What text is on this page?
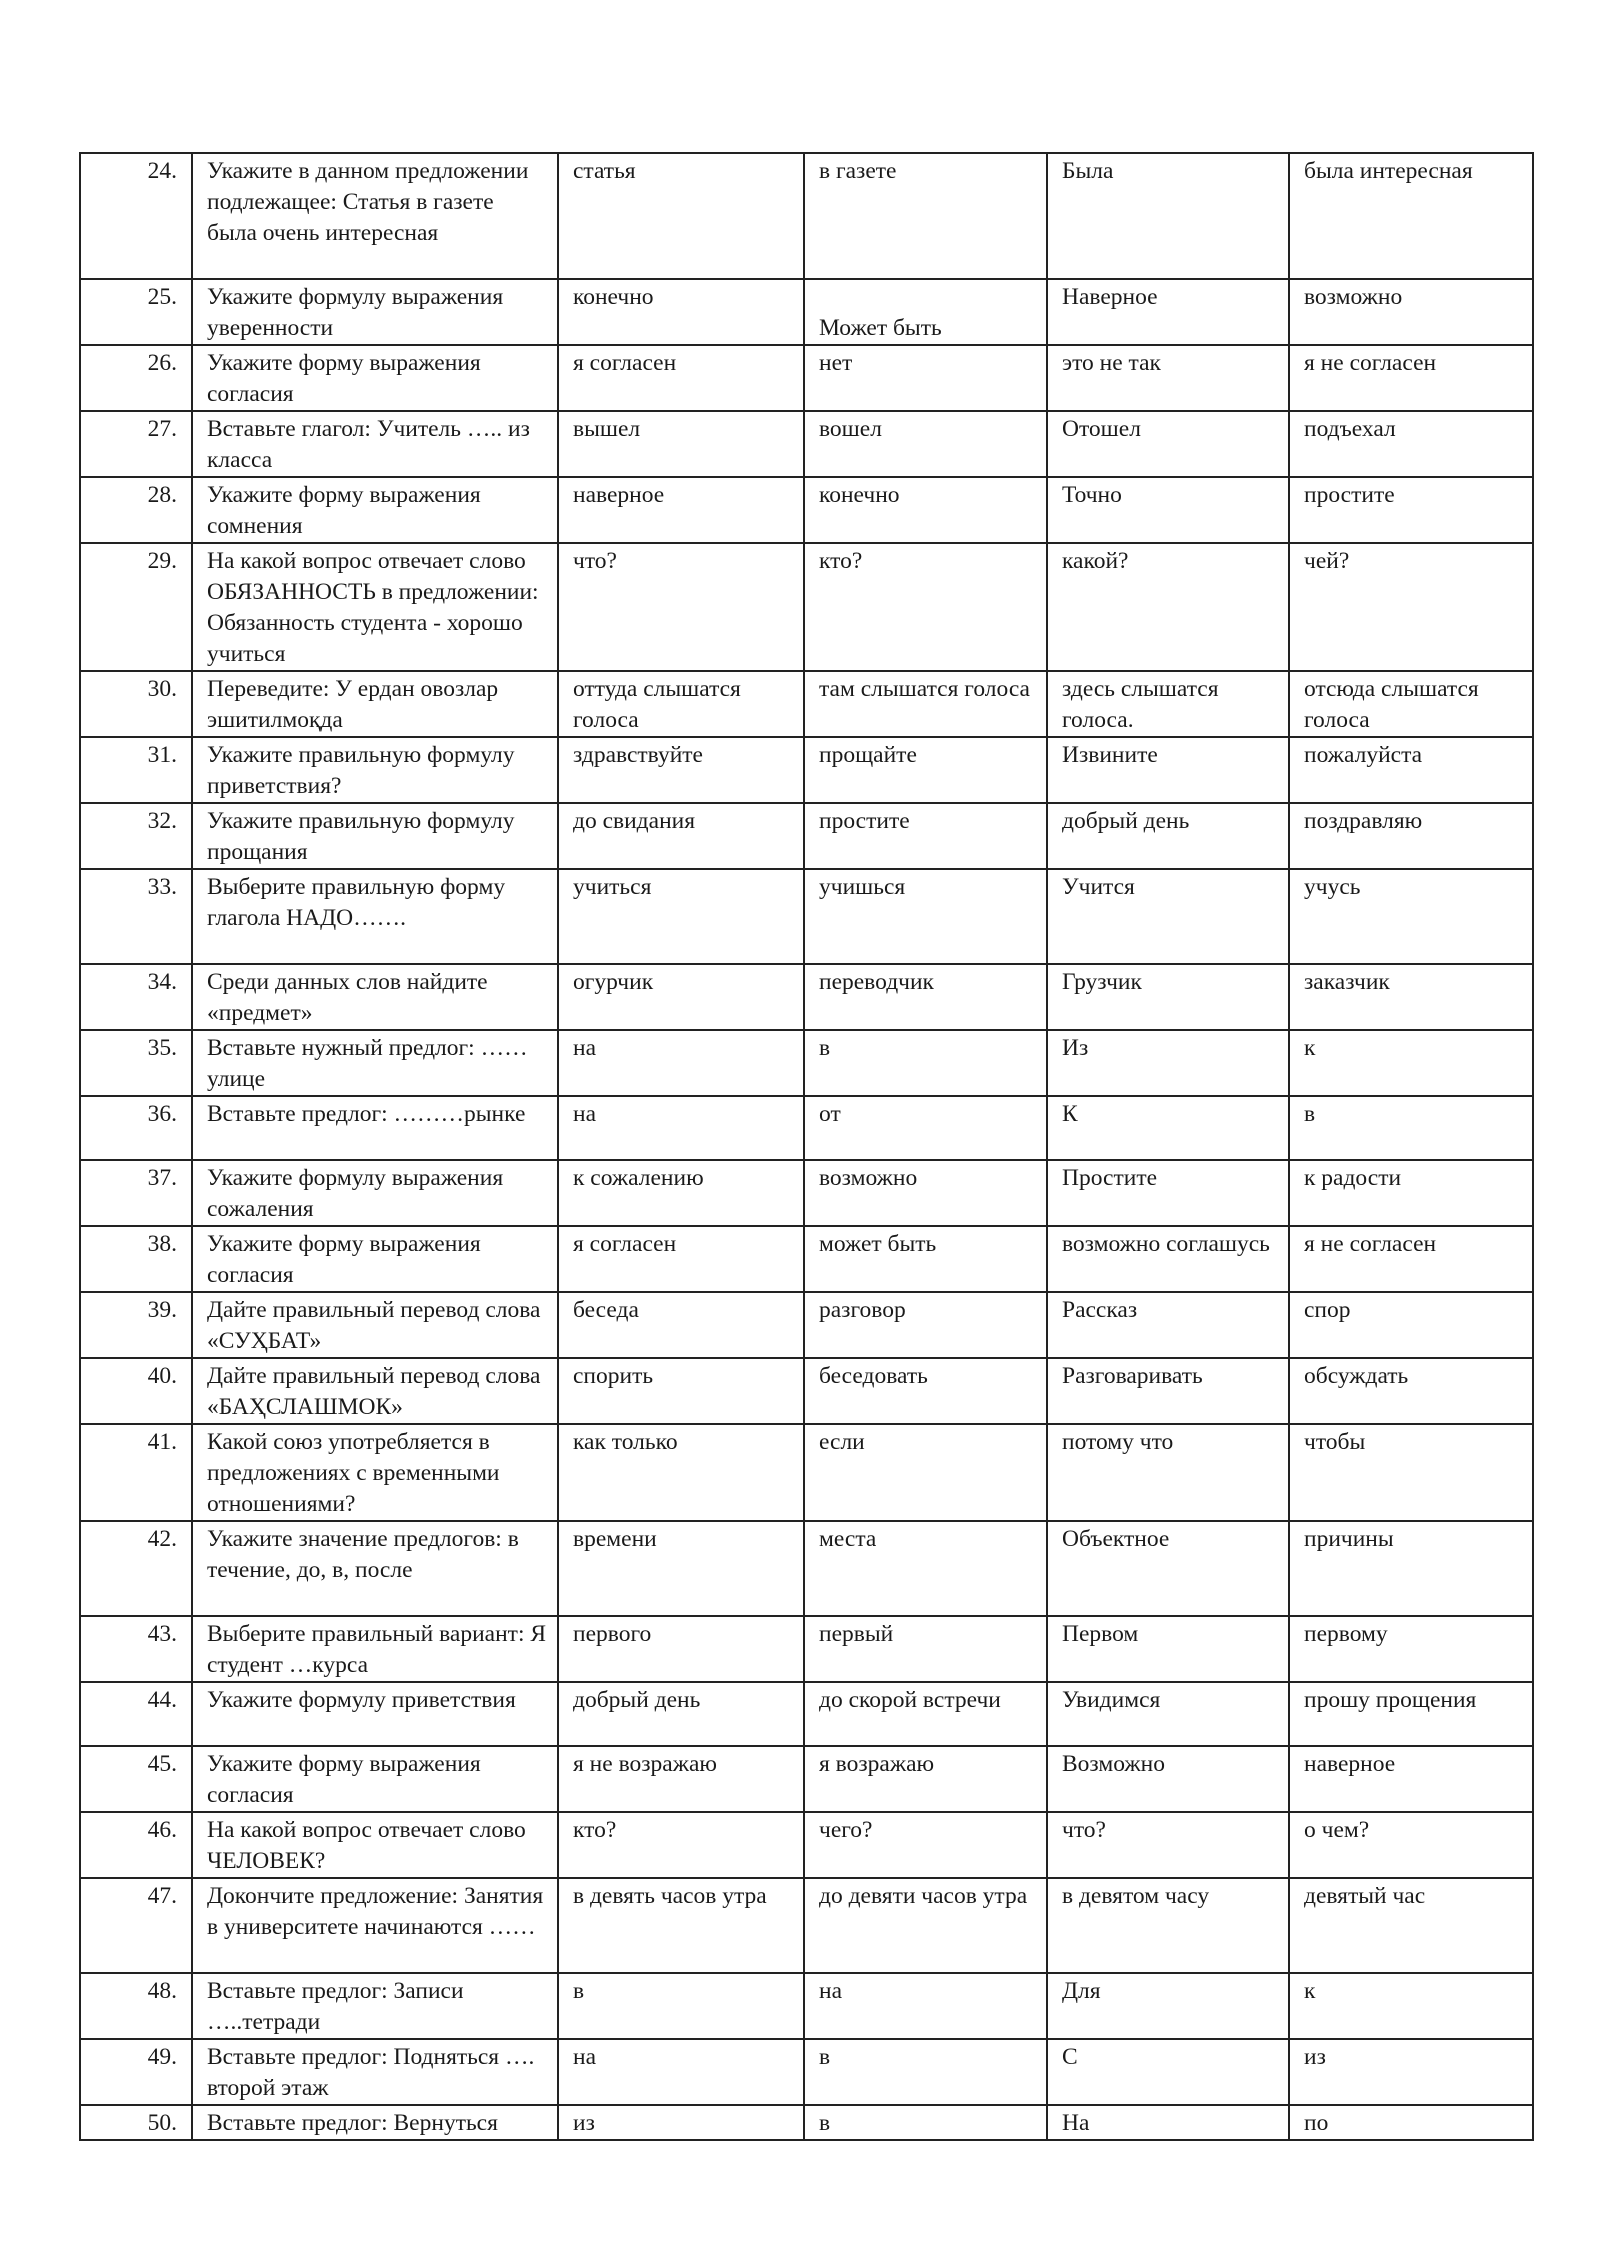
24.	Укажите в данном предложении подлежащее: Статья в газете была очень интересная	статья	в газете	Была	была интересная
25.	Укажите формулу выражения уверенности	конечно	Может быть	Наверное	возможно
26.	Укажите форму выражения согласия	я согласен	нет	это не так	я не согласен
27.	Вставьте глагол: Учитель ….. из класса	вышел	вошел	Отошел	подъехал
28.	Укажите форму выражения сомнения	наверное	конечно	Точно	простите
29.	На какой вопрос отвечает слово ОБЯЗАННОСТЬ в предложении: Обязанность студента - хорошо учиться	что?	кто?	какой?	чей?
30.	Переведите: У ердан овозлар эшитилмоқда	оттуда слышатся голоса	там слышатся голоса	здесь слышатся голоса.	отсюда слышатся голоса
31.	Укажите правильную формулу приветствия?	здравствуйте	прощайте	Извините	пожалуйста
32.	Укажите правильную формулу прощания	до свидания	простите	добрый день	поздравляю
33.	Выберите правильную форму глагола НАДО…….	учиться	учишься	Учится	учусь
34.	Среди данных слов найдите «предмет»	огурчик	переводчик	Грузчик	заказчик
35.	Вставьте нужный предлог: ……улице	на	в	Из	к
36.	Вставьте предлог: ………рынке	на	от	К	в
37.	Укажите формулу выражения сожаления	к сожалению	возможно	Простите	к радости
38.	Укажите форму выражения согласия	я согласен	может быть	возможно соглашусь	я не согласен
39.	Дайте правильный перевод слова «СУҲБАТ»	беседа	разговор	Рассказ	спор
40.	Дайте правильный перевод слова «БАҲСЛАШМОК»	спорить	беседовать	Разговаривать	обсуждать
41.	Какой союз употребляется в предложениях с временными отношениями?	как только	если	потому что	чтобы
42.	Укажите значение предлогов: в течение, до, в, после	времени	места	Объектное	причины
43.	Выберите правильный вариант: Я студент …курса	первого	первый	Первом	первому
44.	Укажите формулу приветствия	добрый день	до скорой встречи	Увидимся	прошу прощения
45.	Укажите форму выражения согласия	я не возражаю	я возражаю	Возможно	наверное
46.	На какой вопрос отвечает слово ЧЕЛОВЕК?	кто?	чего?	что?	о чем?
47.	Докончите предложение: Занятия в университете начинаются ……	в девять часов утра	до девяти часов утра	в девятом часу	девятый час
48.	Вставьте предлог: Записи …..тетради	в	на	Для	к
49.	Вставьте предлог: Подняться …. второй этаж	на	в	С	из
50.	Вставьте предлог: Вернуться	из	в	На	по
